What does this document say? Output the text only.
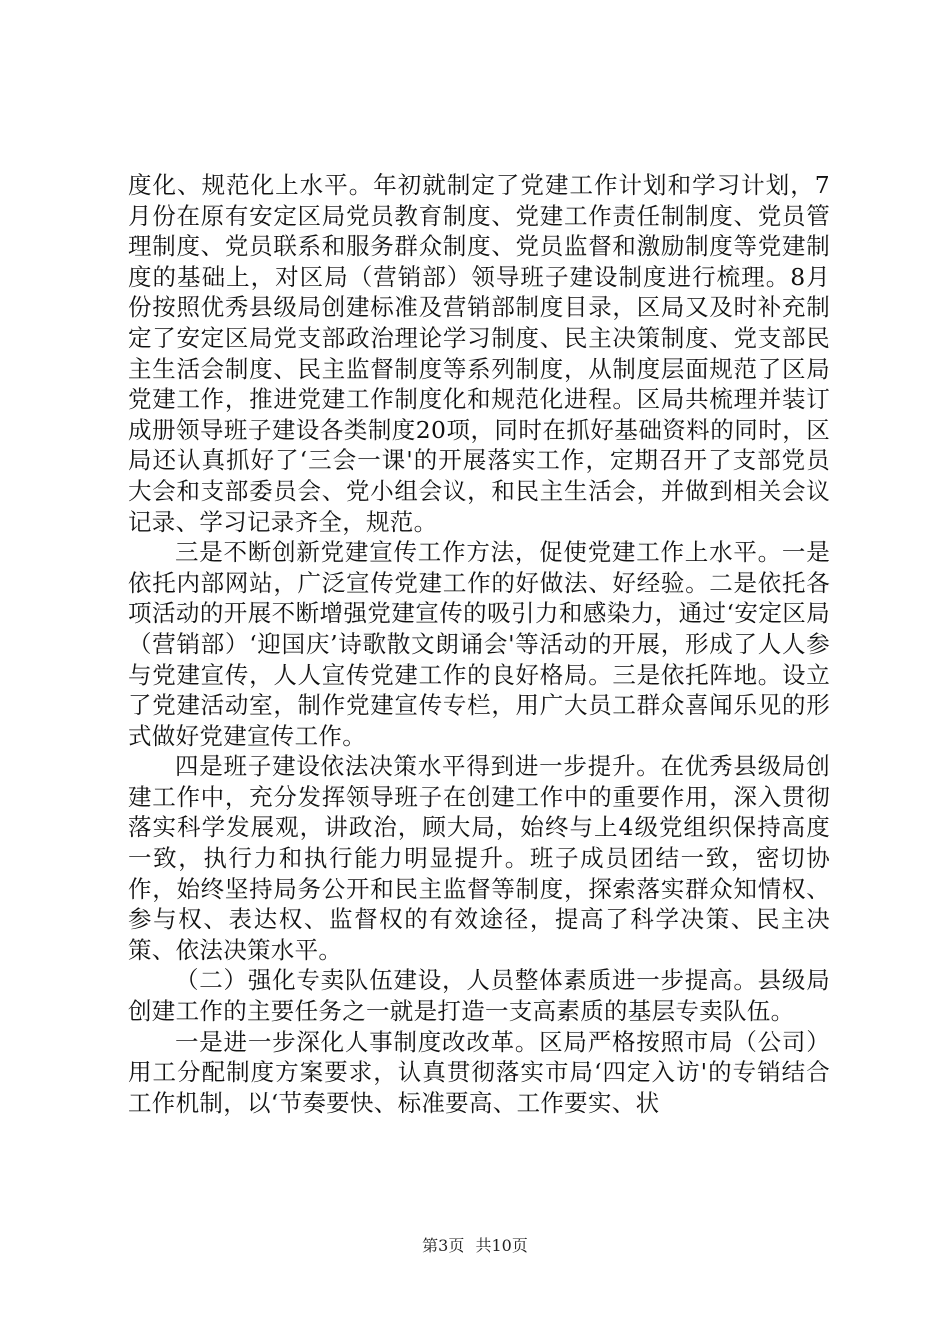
度化、规范化上水平。年初就制定了党建工作计划和学习计划，7月份在原有安定区局党员教育制度、党建工作责任制制度、党员管理制度、党员联系和服务群众制度、党员监督和激励制度等党建制度的基础上，对区局（营销部）领导班子建设制度进行梳理。8月份按照优秀县级局创建标准及营销部制度目录，区局又及时补充制定了安定区局党支部政治理论学习制度、民主决策制度、党支部民主生活会制度、民主监督制度等系列制度，从制度层面规范了区局党建工作，推进党建工作制度化和规范化进程。区局共梳理并装订成册领导班子建设各类制度20项，同时在抓好基础资料的同时，区局还认真抓好了‘三会一课'的开展落实工作，定期召开了支部党员大会和支部委员会、党小组会议，和民主生活会，并做到相关会议记录、学习记录齐全，规范。

三是不断创新党建宣传工作方法，促使党建工作上水平。一是依托内部网站，广泛宣传党建工作的好做法、好经验。二是依托各项活动的开展不断增强党建宣传的吸引力和感染力，通过‘安定区局（营销部）‘迎国庆’诗歌散文朗诵会'等活动的开展，形成了人人参与党建宣传，人人宣传党建工作的良好格局。三是依托阵地。设立了党建活动室，制作党建宣传专栏，用广大员工群众喜闻乐见的形式做好党建宣传工作。

四是班子建设依法决策水平得到进一步提升。在优秀县级局创建工作中，充分发挥领导班子在创建工作中的重要作用，深入贯彻落实科学发展观，讲政治，顾大局，始终与上4级党组织保持高度一致，执行力和执行能力明显提升。班子成员团结一致，密切协作，始终坚持局务公开和民主监督等制度，探索落实群众知情权、参与权、表达权、监督权的有效途径，提高了科学决策、民主决策、依法决策水平。

（二）强化专卖队伍建设，人员整体素质进一步提高。县级局创建工作的主要任务之一就是打造一支高素质的基层专卖队伍。

一是进一步深化人事制度改改革。区局严格按照市局（公司）用工分配制度方案要求，认真贯彻落实市局‘四定入访'的专销结合工作机制，以‘节奏要快、标准要高、工作要实、状

第3页 共10页
